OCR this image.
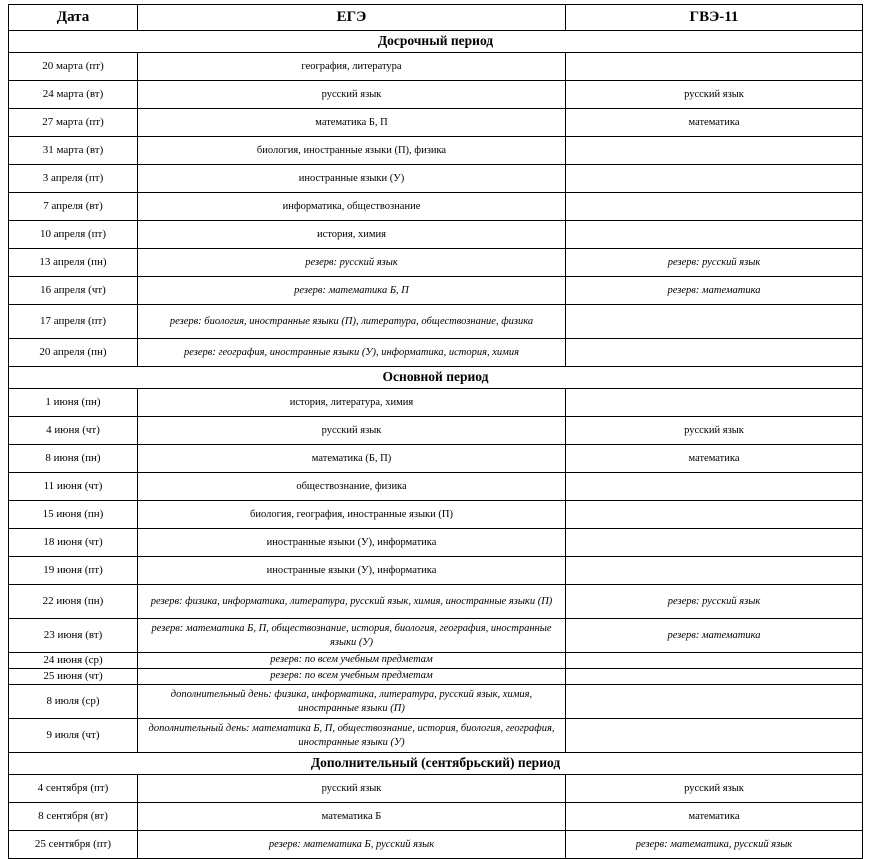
Дата	ЕГЭ	ГВЭ-11
Досрочный период		
20 марта (пт)	география, литература	
24 марта (вт)	русский язык	русский язык
27 марта (пт)	математика Б, П	математика
31 марта (вт)	биология, иностранные языки (П), физика	
3 апреля (пт)	иностранные языки (У)	
7 апреля (вт)	информатика, обществознание	
10 апреля (пт)	история, химия	
13 апреля (пн)	резерв: русский язык	резерв: русский язык
16 апреля (чт)	резерв: математика Б, П	резерв: математика
17 апреля (пт)	резерв: биология, иностранные языки (П), литература, обществознание, физика	
20 апреля (пн)	резерв: география, иностранные языки (У), информатика, история, химия	
Основной период		
1 июня (пн)	история, литература, химия	
4 июня (чт)	русский язык	русский язык
8 июня (пн)	математика (Б, П)	математика
11 июня (чт)	обществознание, физика	
15 июня (пн)	биология, география, иностранные языки (П)	
18 июня (чт)	иностранные языки (У), информатика	
19 июня (пт)	иностранные языки (У), информатика	
22 июня (пн)	резерв: физика, информатика, литература, русский язык, химия, иностранные языки (П)	резерв: русский язык
23 июня (вт)	резерв: математика Б, П, обществознание, история, биология, география, иностранные языки (У)	резерв: математика
24 июня (ср)	резерв: по всем учебным предметам	
25 июня (чт)	резерв: по всем учебным предметам	
8 июля (ср)	дополнительный день: физика, информатика, литература, русский язык, химия, иностранные языки (П)	
9 июля (чт)	дополнительный день: математика Б, П, обществознание, история, биология, география, иностранные языки (У)	
Дополнительный (сентябрьский) период		
4 сентября (пт)	русский язык	русский язык
8 сентября (вт)	математика Б	математика
25 сентября (пт)	резерв: математика Б, русский язык	резерв: математика, русский язык
